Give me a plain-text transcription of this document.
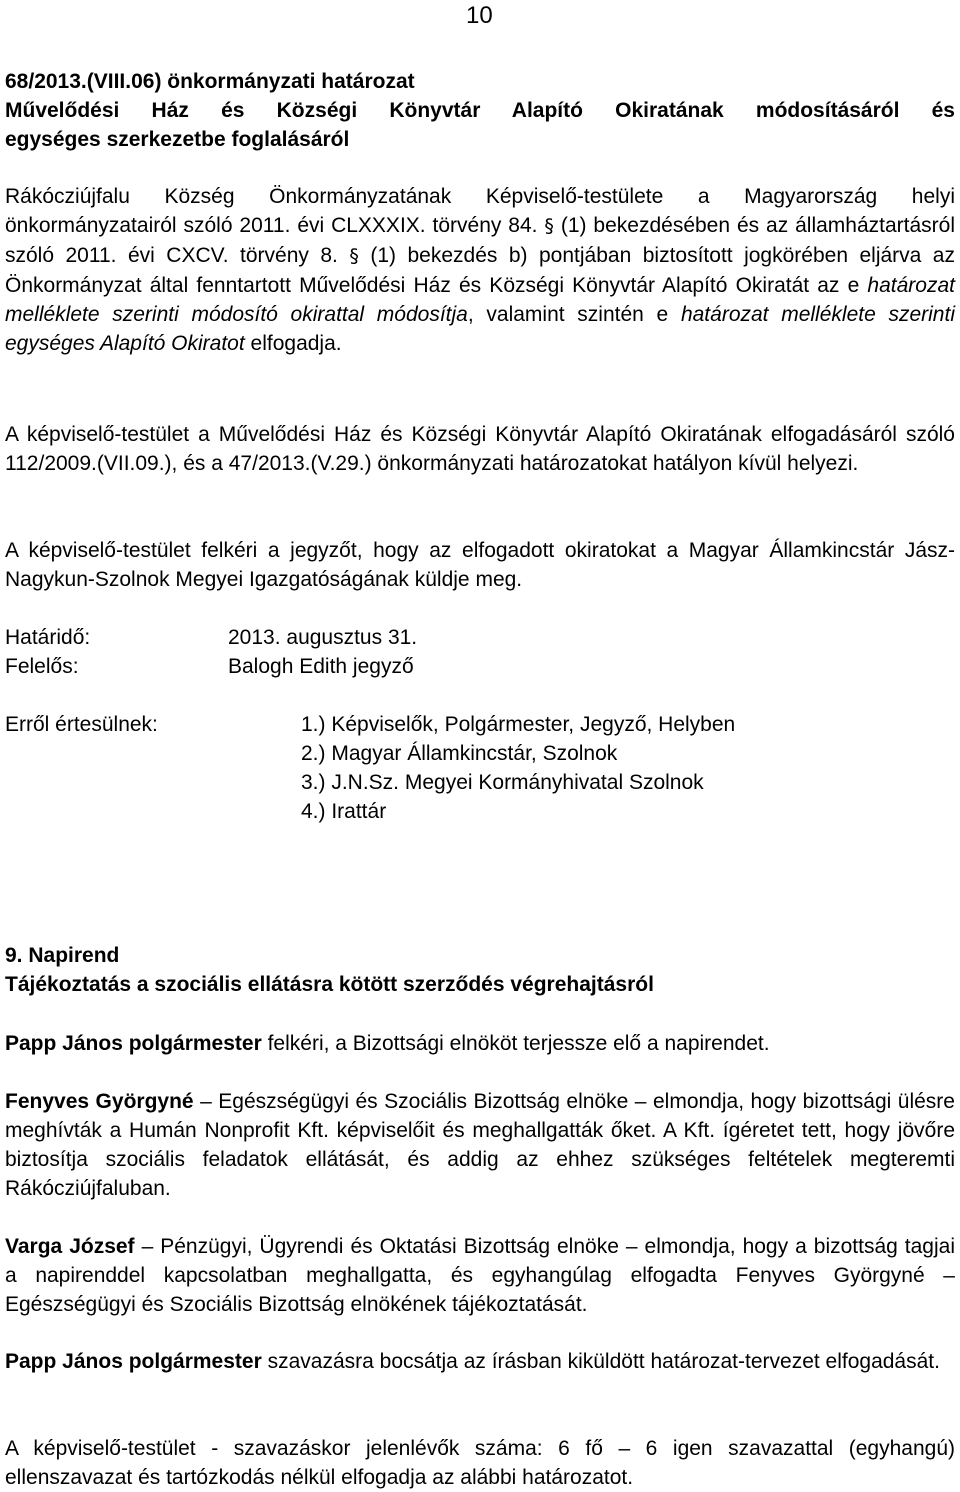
10
68/2013.(VIII.06) önkormányzati határozat
Művelődési Ház és Községi Könyvtár Alapító Okiratának módosításáról és
egységes szerkezetbe foglalásáról
Rákócziújfalu Község Önkormányzatának Képviselő-testülete a Magyarország helyi önkormányzatairól szóló 2011. évi CLXXXIX. törvény 84. § (1) bekezdésében és az államháztartásról szóló 2011. évi CXCV. törvény 8. § (1) bekezdés b) pontjában biztosított jogkörében eljárva az Önkormányzat által fenntartott Művelődési Ház és Községi Könyvtár Alapító Okiratát az e határozat melléklete szerinti módosító okirattal módosítja, valamint szintén e határozat melléklete szerinti egységes Alapító Okiratot elfogadja.
A képviselő-testület a Művelődési Ház és Községi Könyvtár Alapító Okiratának elfogadásáról szóló 112/2009.(VII.09.), és a 47/2013.(V.29.) önkormányzati határozatokat hatályon kívül helyezi.
A képviselő-testület felkéri a jegyzőt, hogy az elfogadott okiratokat a Magyar Államkincstár Jász-Nagykun-Szolnok Megyei Igazgatóságának küldje meg.
Határidő:	2013. augusztus 31.
Felelős:	Balogh Edith jegyző
Erről értesülnek:	1.) Képviselők, Polgármester, Jegyző, Helyben
2.) Magyar Államkincstár, Szolnok
3.) J.N.Sz. Megyei Kormányhivatal Szolnok
4.) Irattár
9. Napirend
Tájékoztatás a szociális ellátásra kötött szerződés végrehajtásról
Papp János polgármester felkéri, a Bizottsági elnököt terjessze elő a napirendet.
Fenyves Györgyné – Egészségügyi és Szociális Bizottság elnöke – elmondja, hogy bizottsági ülésre meghívták a Humán Nonprofit Kft. képviselőit és meghallgatták őket. A Kft. ígéretet tett, hogy jövőre biztosítja szociális feladatok ellátását, és addig az ehhez szükséges feltételek megteremti Rákócziújfaluban.
Varga József – Pénzügyi, Ügyrendi és Oktatási Bizottság elnöke – elmondja, hogy a bizottság tagjai a napirenddel kapcsolatban meghallgatta, és egyhangúlag elfogadta Fenyves Györgyné – Egészségügyi és Szociális Bizottság elnökének tájékoztatását.
Papp János polgármester szavazásra bocsátja az írásban kiküldött határozat-tervezet elfogadását.
A képviselő-testület - szavazáskor jelenlévők száma: 6 fő – 6 igen szavazattal (egyhangú) ellenszavazat és tartózkodás nélkül elfogadja az alábbi határozatot.
